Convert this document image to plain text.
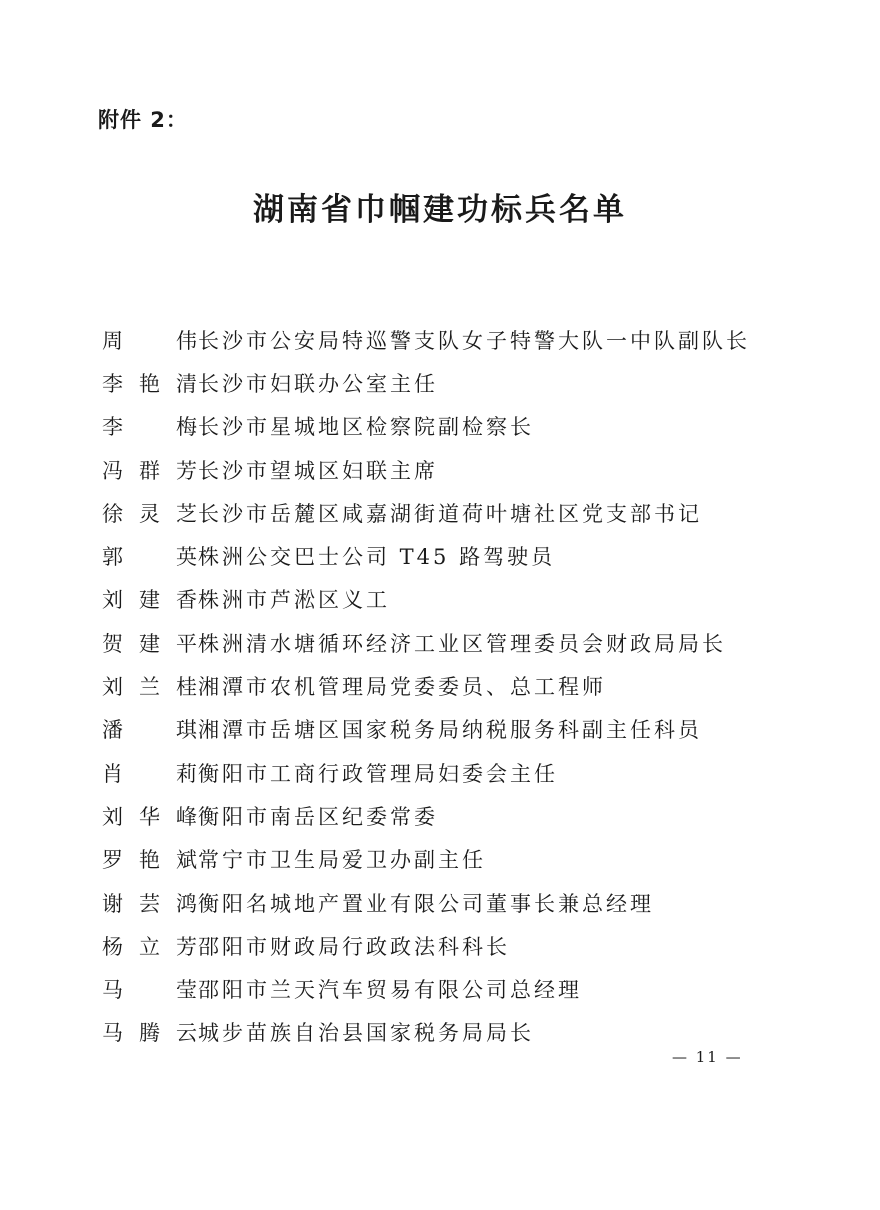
附件 2：
湖南省巾帼建功标兵名单
周伟 长沙市公安局特巡警支队女子特警大队一中队副队长
李艳清 长沙市妇联办公室主任
李梅 长沙市星城地区检察院副检察长
冯群芳 长沙市望城区妇联主席
徐灵芝 长沙市岳麓区咸嘉湖街道荷叶塘社区党支部书记
郭英 株洲公交巴士公司 T45 路驾驶员
刘建香 株洲市芦淞区义工
贺建平 株洲清水塘循环经济工业区管理委员会财政局局长
刘兰桂 湘潭市农机管理局党委委员、总工程师
潘琪 湘潭市岳塘区国家税务局纳税服务科副主任科员
肖莉 衡阳市工商行政管理局妇委会主任
刘华峰 衡阳市南岳区纪委常委
罗艳斌 常宁市卫生局爱卫办副主任
谢芸鸿 衡阳名城地产置业有限公司董事长兼总经理
杨立芳 邵阳市财政局行政政法科科长
马莹 邵阳市兰天汽车贸易有限公司总经理
马腾云 城步苗族自治县国家税务局局长
— 11 —
